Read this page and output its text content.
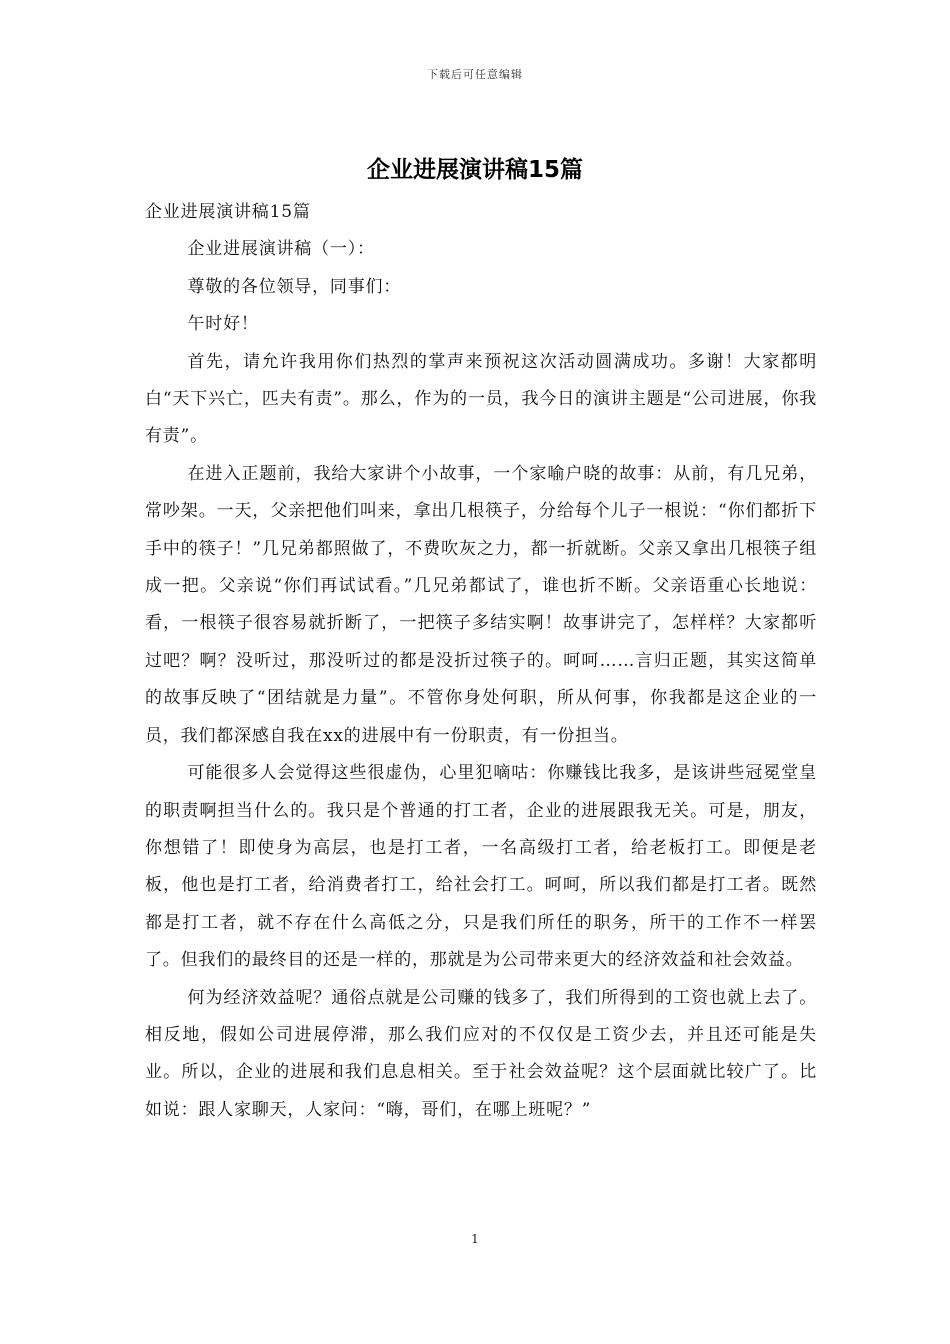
下载后可任意编辑
企业进展演讲稿15篇

企业进展演讲稿15篇

企业进展演讲稿（一）：

尊敬的各位领导，同事们：

午时好！

首先，请允许我用你们热烈的掌声来预祝这次活动圆满成功。多谢！大家都明白“天下兴亡，匹夫有责”。那么，作为的一员，我今日的演讲主题是“公司进展，你我有责”。

在进入正题前，我给大家讲个小故事，一个家喻户晓的故事：从前，有几兄弟，常吵架。一天，父亲把他们叫来，拿出几根筷子，分给每个儿子一根说：“你们都折下手中的筷子！”几兄弟都照做了，不费吹灰之力，都一折就断。父亲又拿出几根筷子组成一把。父亲说“你们再试试看。”几兄弟都试了，谁也折不断。父亲语重心长地说：看，一根筷子很容易就折断了，一把筷子多结实啊！故事讲完了，怎样样？大家都听过吧？啊？没听过，那没听过的都是没折过筷子的。呵呵……言归正题，其实这简单的故事反映了“团结就是力量”。不管你身处何职，所从何事，你我都是这企业的一员，我们都深感自我在xx的进展中有一份职责，有一份担当。

可能很多人会觉得这些很虚伪，心里犯嘀咕：你赚钱比我多，是该讲些冠冕堂皇的职责啊担当什么的。我只是个普通的打工者，企业的进展跟我无关。可是，朋友，你想错了！即使身为高层，也是打工者，一名高级打工者，给老板打工。即便是老板，他也是打工者，给消费者打工，给社会打工。呵呵，所以我们都是打工者。既然都是打工者，就不存在什么高低之分，只是我们所任的职务，所干的工作不一样罢了。但我们的最终目的还是一样的，那就是为公司带来更大的经济效益和社会效益。

何为经济效益呢？通俗点就是公司赚的钱多了，我们所得到的工资也就上去了。相反地，假如公司进展停滞，那么我们应对的不仅仅是工资少去，并且还可能是失业。所以，企业的进展和我们息息相关。至于社会效益呢？这个层面就比较广了。比如说：跟人家聊天，人家问：“嗨，哥们，在哪上班呢？”

1
